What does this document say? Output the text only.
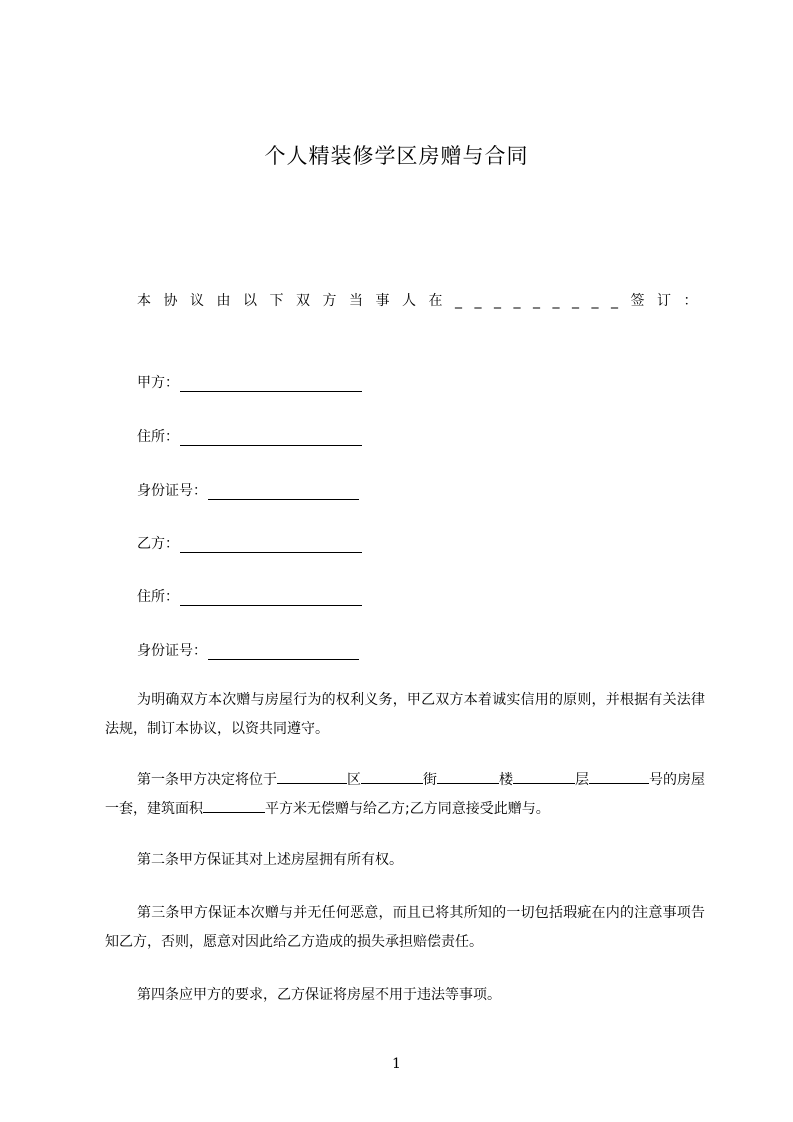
个人精装修学区房赠与合同
本协议由以下双方当事人在_________签订：
甲方：
住所：
身份证号：
乙方：
住所：
身份证号：
为明确双方本次赠与房屋行为的权利义务，甲乙双方本着诚实信用的原则，并根据有关法律法规，制订本协议，以资共同遵守。
第一条甲方决定将位于	区	街	楼	层	号的房屋一套，建筑面积	平方米无偿赠与给乙方;乙方同意接受此赠与。
第二条甲方保证其对上述房屋拥有所有权。
第三条甲方保证本次赠与并无任何恶意，而且已将其所知的一切包括瑕疵在内的注意事项告知乙方，否则，愿意对因此给乙方造成的损失承担赔偿责任。
第四条应甲方的要求，乙方保证将房屋不用于违法等事项。
1
